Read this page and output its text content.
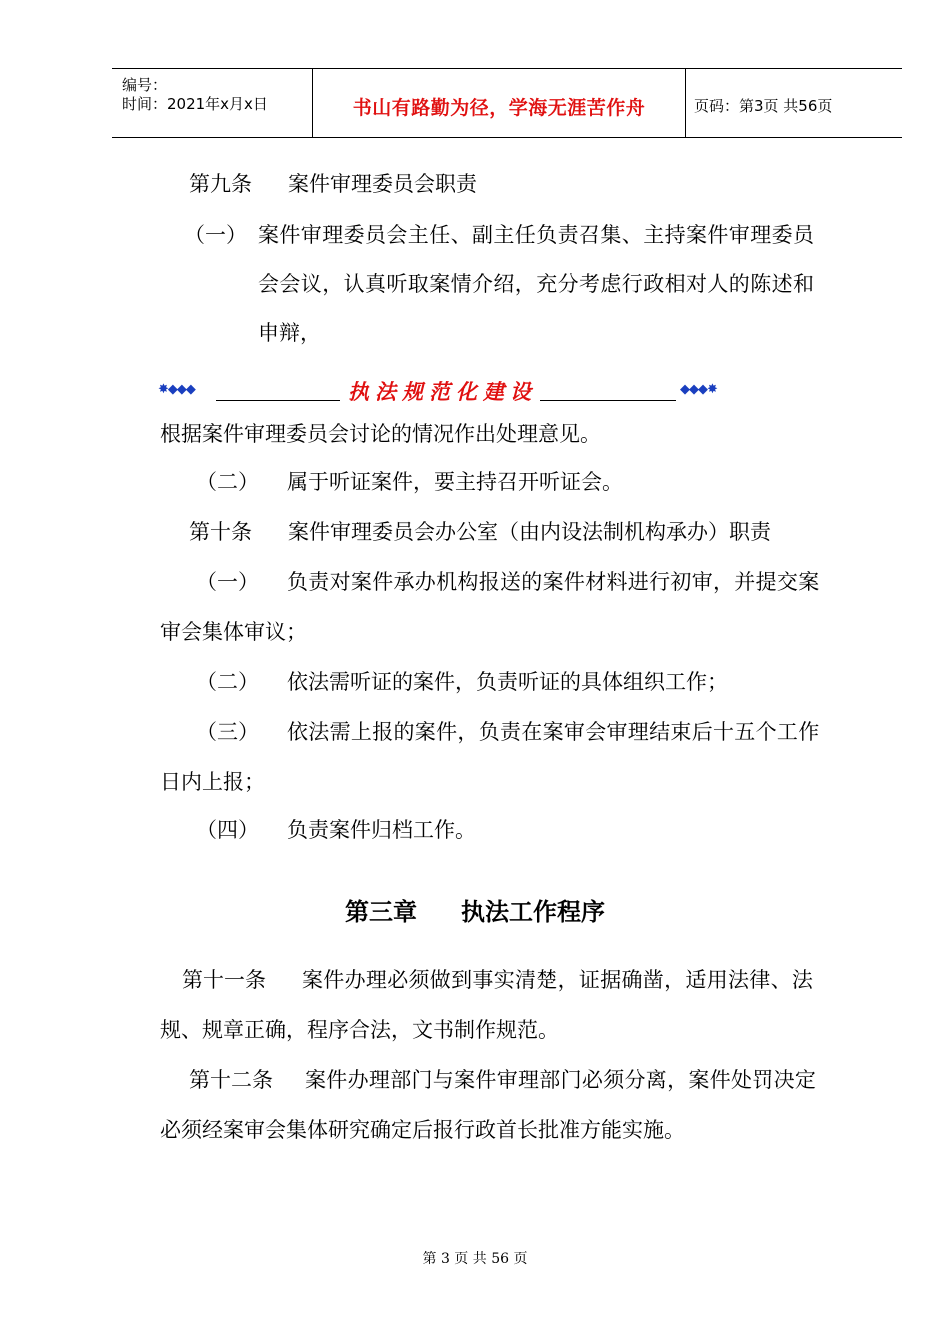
编号：
时间：2021年x月x日	书山有路勤为径，学海无涯苦作舟	页码：第3页 共56页
第九条 案件审理委员会职责
（一） 案件审理委员会主任、副主任负责召集、主持案件审理委员
会会议，认真听取案情介绍，充分考虑行政相对人的陈述和
申辩，
✸◆◆◆	执法规范化建设	◆◆◆✸
根据案件审理委员会讨论的情况作出处理意见。
（二） 属于听证案件，要主持召开听证会。
第十条 案件审理委员会办公室（由内设法制机构承办）职责
（一） 负责对案件承办机构报送的案件材料进行初审，并提交案
审会集体审议；
（二） 依法需听证的案件，负责听证的具体组织工作；
（三） 依法需上报的案件，负责在案审会审理结束后十五个工作
日内上报；
（四） 负责案件归档工作。
第三章 执法工作程序
第十一条 案件办理必须做到事实清楚，证据确凿，适用法律、法
规、规章正确，程序合法，文书制作规范。
第十二条 案件办理部门与案件审理部门必须分离，案件处罚决定
必须经案审会集体研究确定后报行政首长批准方能实施。
第 3 页 共 56 页
